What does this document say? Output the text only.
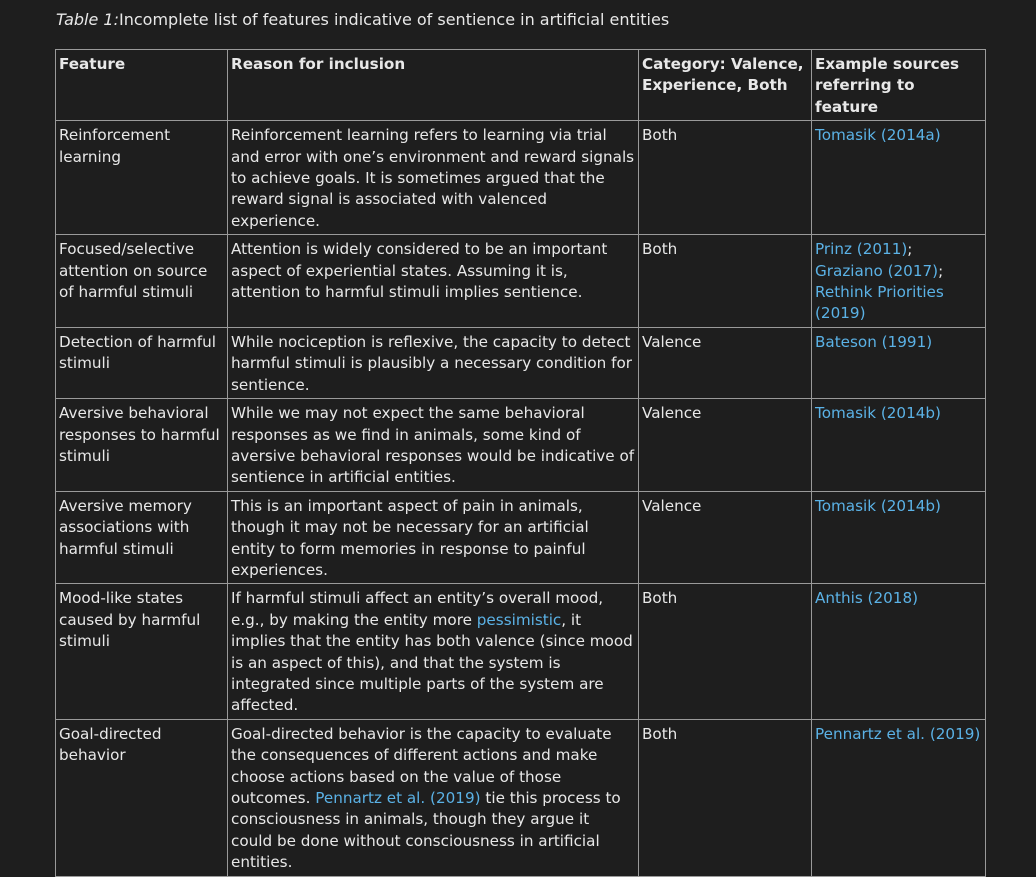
Table 1:Incomplete list of features indicative of sentience in artificial entities
Feature	Reason for inclusion	Category: Valence, Experience, Both	Example sources referring to feature
Reinforcement learning	Reinforcement learning refers to learning via trial and error with one’s environment and reward signals to achieve goals. It is sometimes argued that the reward signal is associated with valenced experience.	Both	Tomasik (2014a)
Focused/selective attention on source of harmful stimuli	Attention is widely considered to be an important aspect of experiential states. Assuming it is, attention to harmful stimuli implies sentience.	Both	Prinz (2011); Graziano (2017); Rethink Priorities (2019)
Detection of harmful stimuli	While nociception is reflexive, the capacity to detect harmful stimuli is plausibly a necessary condition for sentience.	Valence	Bateson (1991)
Aversive behavioral responses to harmful stimuli	While we may not expect the same behavioral responses as we find in animals, some kind of aversive behavioral responses would be indicative of sentience in artificial entities.	Valence	Tomasik (2014b)
Aversive memory associations with harmful stimuli	This is an important aspect of pain in animals, though it may not be necessary for an artificial entity to form memories in response to painful experiences.	Valence	Tomasik (2014b)
Mood-like states caused by harmful stimuli	If harmful stimuli affect an entity’s overall mood, e.g., by making the entity more pessimistic, it implies that the entity has both valence (since mood is an aspect of this), and that the system is integrated since multiple parts of the system are affected.	Both	Anthis (2018)
Goal-directed behavior	Goal-directed behavior is the capacity to evaluate the consequences of different actions and make choose actions based on the value of those outcomes. Pennartz et al. (2019) tie this process to consciousness in animals, though they argue it could be done without consciousness in artificial entities.	Both	Pennartz et al. (2019)
